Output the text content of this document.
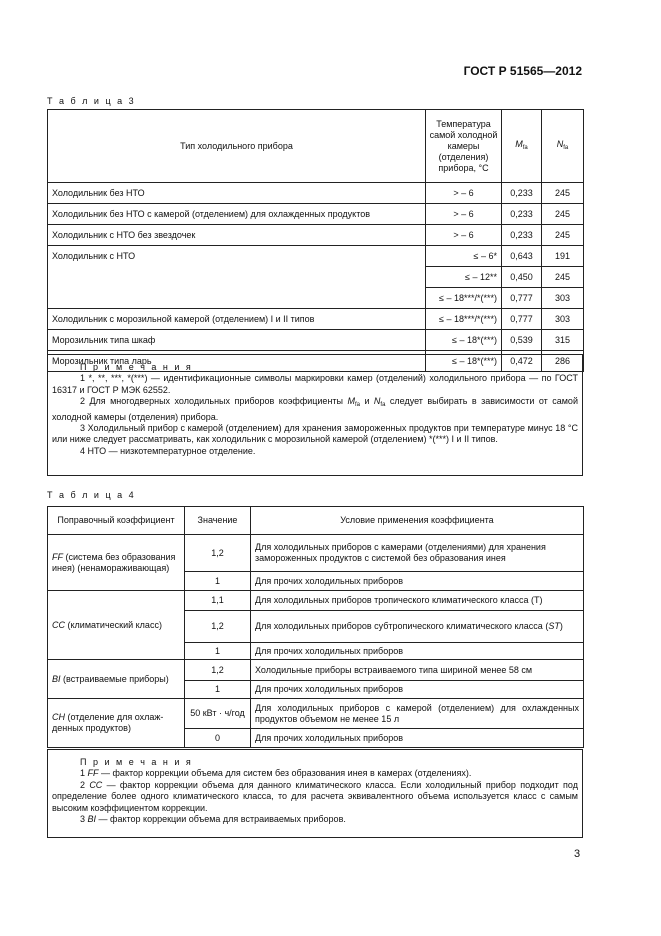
ГОСТ Р 51565—2012
Т а б л и ц а 3
Тип холодильного прибора	Температура самой холодной камеры (отделения) прибора, °С	$M_{fa}$	$N_{fa}$
Холодильник без НТО	> – 6	0,233	245
Холодильник без НТО с камерой (отделением) для охлажденных продуктов	> – 6	0,233	245
Холодильник с НТО без звездочек	> – 6	0,233	245
Холодильник с НТО	≤ – 6*	0,643	191
	≤ – 12**	0,450	245
	≤ – 18***/*(***)	0,777	303
Холодильник с морозильной камерой (отделением) I и II типов	≤ – 18***/*(***)	0,777	303
Морозильник типа шкаф	≤ – 18*(***)	0,539	315
Морозильник типа ларь	≤ – 18*(***)	0,472	286

П р и м е ч а н и я

1 *, **, ***, *(***) — идентификационные символы маркировки камер (отделений) холодильного прибора — по ГОСТ 16317 и ГОСТ Р МЭК 62552.

2 Для многодверных холодильных приборов коэффициенты $M_{fa}$ и $N_{fa}$ следует выбирать в зависимости от самой холодной камеры (отделения) прибора.

3 Холодильный прибор с камерой (отделением) для хранения замороженных продуктов при температуре минус 18 °С или ниже следует рассматривать, как холодильник с морозильной камерой (отделением) *(***) I и II типов.

4 НТО — низкотемпературное отделение.

Т а б л и ц а 4
Поправочный коэффициент	Значение	Условие применения коэффициента
FF (система без образования инея) (ненамораживающая)	1,2	Для холодильных приборов с камерами (отделениями) для хранения замороженных продуктов с системой без образования инея
	1	Для прочих холодильных приборов
CC (климатический класс)	1,1	Для холодильных приборов тропического климатического класса (Т)
	1,2	Для холодильных приборов субтропического климатического класса (ST)
	1	Для прочих холодильных приборов
BI (встраиваемые приборы)	1,2	Холодильные приборы встраиваемого типа шириной менее 58 см
	1	Для прочих холодильных приборов
CH (отделение для охлажденных продуктов)	50 кВт · ч/год	Для холодильных приборов с камерой (отделением) для охлажденных продуктов объемом не менее 15 л
	0	Для прочих холодильных приборов

П р и м е ч а н и я

1 FF — фактор коррекции объема для систем без образования инея в камерах (отделениях).

2 CC — фактор коррекции объема для данного климатического класса. Если холодильный прибор подходит под определение более одного климатического класса, то для расчета эквивалентного объема используется класс с самым высоким коэффициентом коррекции.

3 BI — фактор коррекции объема для встраиваемых приборов.

3
